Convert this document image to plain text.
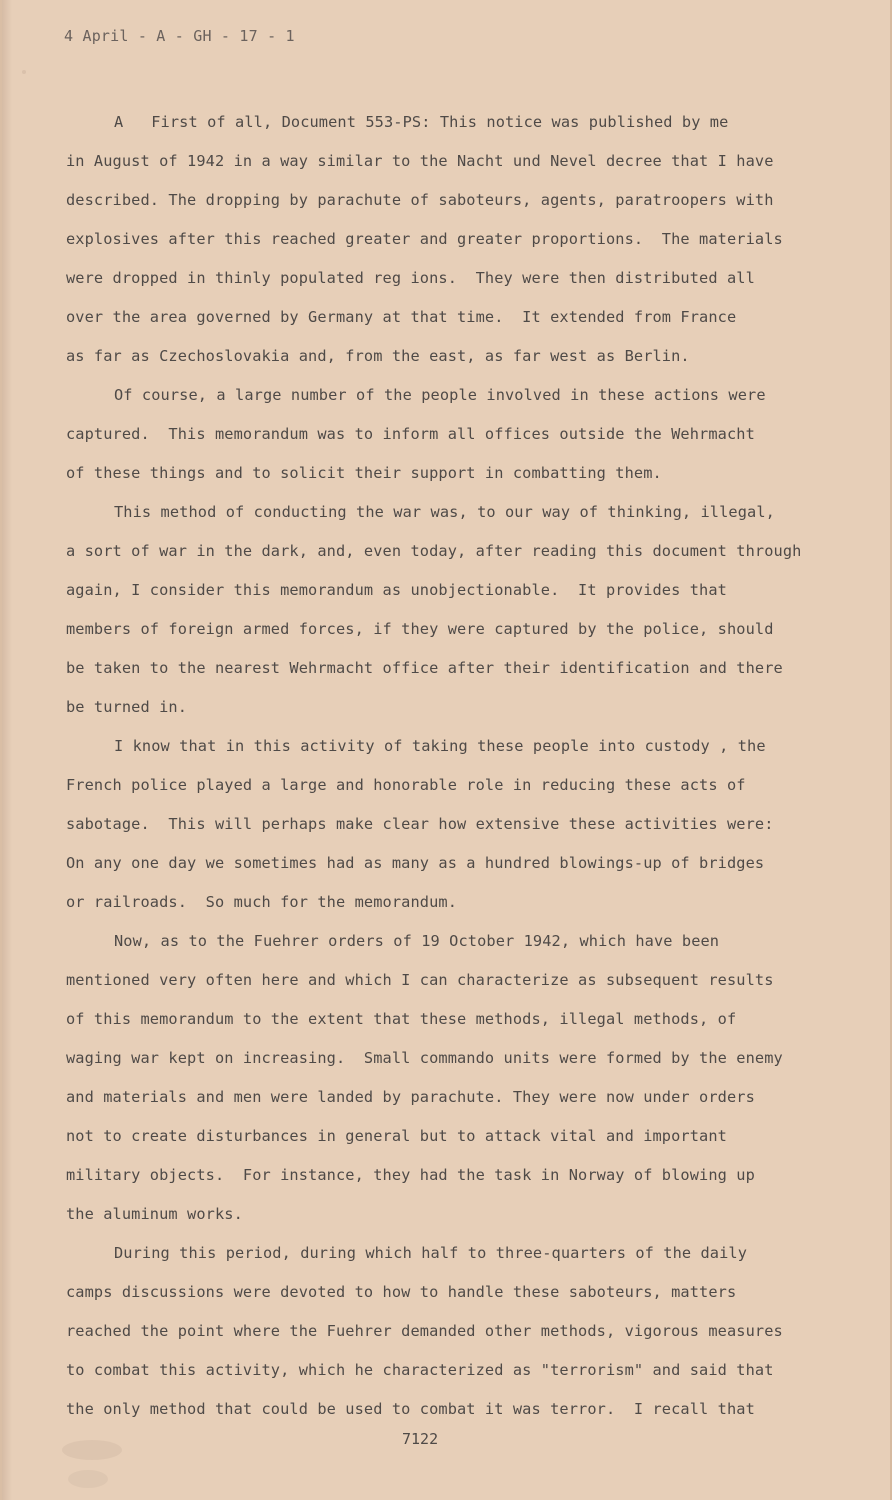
4 April - A - GH - 17 - 1
A   First of all, Document 553-PS: This notice was published by me
in August of 1942 in a way similar to the Nacht und Nevel decree that I have
described. The dropping by parachute of saboteurs, agents, paratroopers with
explosives after this reached greater and greater proportions.  The materials
were dropped in thinly populated reg ions.  They were then distributed all
over the area governed by Germany at that time.  It extended from France
as far as Czechoslovakia and, from the east, as far west as Berlin.
Of course, a large number of the people involved in these actions were
captured.  This memorandum was to inform all offices outside the Wehrmacht
of these things and to solicit their support in combatting them.
This method of conducting the war was, to our way of thinking, illegal,
a sort of war in the dark, and, even today, after reading this document through
again, I consider this memorandum as unobjectionable.  It provides that
members of foreign armed forces, if they were captured by the police, should
be taken to the nearest Wehrmacht office after their identification and there
be turned in.
I know that in this activity of taking these people into custody , the
French police played a large and honorable role in reducing these acts of
sabotage.  This will perhaps make clear how extensive these activities were:
On any one day we sometimes had as many as a hundred blowings-up of bridges
or railroads.  So much for the memorandum.
Now, as to the Fuehrer orders of 19 October 1942, which have been
mentioned very often here and which I can characterize as subsequent results
of this memorandum to the extent that these methods, illegal methods, of
waging war kept on increasing.  Small commando units were formed by the enemy
and materials and men were landed by parachute. They were now under orders
not to create disturbances in general but to attack vital and important
military objects.  For instance, they had the task in Norway of blowing up
the aluminum works.
During this period, during which half to three-quarters of the daily
camps discussions were devoted to how to handle these saboteurs, matters
reached the point where the Fuehrer demanded other methods, vigorous measures
to combat this activity, which he characterized as "terrorism" and said that
the only method that could be used to combat it was terror.  I recall that
7122
